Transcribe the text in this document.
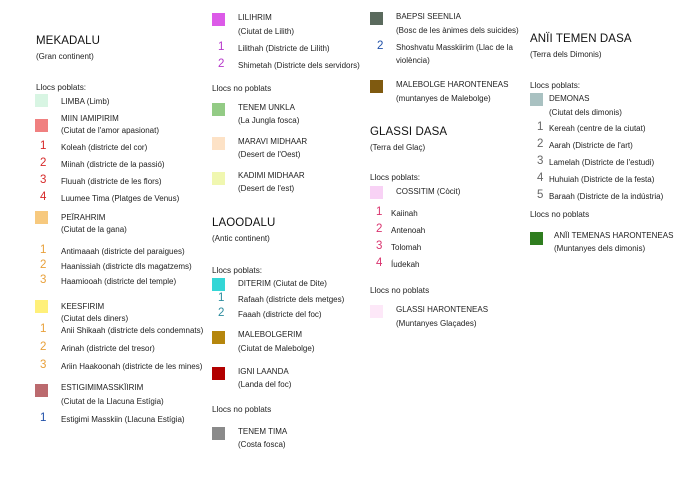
MEKADALU
(Gran continent)
Llocs poblats:
LIMBA (Limb)
MIIN IAMIPIRIM
(Ciutat de l'amor apasionat)
1 Koleah (districte del cor)
2 Miinah (districte de la passió)
3 Fluuah (districte de les flors)
4 Luumee Tima (Platges de Venus)
PEÏRAHRIM
(Ciutat de la gana)
1 Antimaaah (districte del paraigues)
2 Haanissiah (districte dls magatzems)
3 Haamiooah (districte del temple)
KEESFIRIM
(Ciutat dels diners)
1 Anii Shikaah (districte dels condemnats)
2 Arinah (districte del tresor)
3 Ariin Haakoonah (districte de les mines)
ESTIGIMIMASSKÏIRIM
(Ciutat de la Llacuna Estígia)
1 Estigimi Masskiin (Llacuna Estígia)
LILIHRIM
(Ciutat de Lilith)
1 Lilithah (Districte de Lilith)
2 Shimetah (Districte dels servidors)
Llocs no poblats
TENEM UNKLA
(La Jungla fosca)
MARAVI MIDHAAR
(Desert de l'Oest)
KADIMI MIDHAAR
(Desert de l'est)
LAOODALU
(Antic continent)
Llocs poblats:
DITERIM (Ciutat de Dite)
1 Rafaah (districte dels metges)
2 Faaah (districte del foc)
MALEBOLGERIM
(Ciutat de Malebolge)
IGNI LAANDA
(Landa del foc)
Llocs no poblats
TENEM TIMA
(Costa fosca)
BAEPSI SEENLIA
(Bosc de les ànimes dels suicides)
2 Shoshvatu Masskiirim (Llac de la
violència)
MALEBOLGE HARONTENEAS
(muntanyes de Malebolge)
GLASSI DASA
(Terra del Glaç)
Llocs poblats:
COSSITIM (Còcit)
1 Kaiinah
2 Antenoah
3 Tolomah
4 Íudekah
Llocs no poblats
GLASSI HARONTENEAS
(Muntanyes Glaçades)
ANÏI TEMEN DASA
(Terra dels Dimonis)
Llocs poblats:
DEMONAS
(Ciutat dels dimonis)
1 Kereah (centre de la ciutat)
2 Aarah (Districte de l'art)
3 Lamelah (Districte de l'estudi)
4 Huhuiah (Districte de la festa)
5 Baraah (Districte de la indústria)
Llocs no poblats
ANÏI TEMENAS HARONTENEAS
(Muntanyes dels dimonis)
